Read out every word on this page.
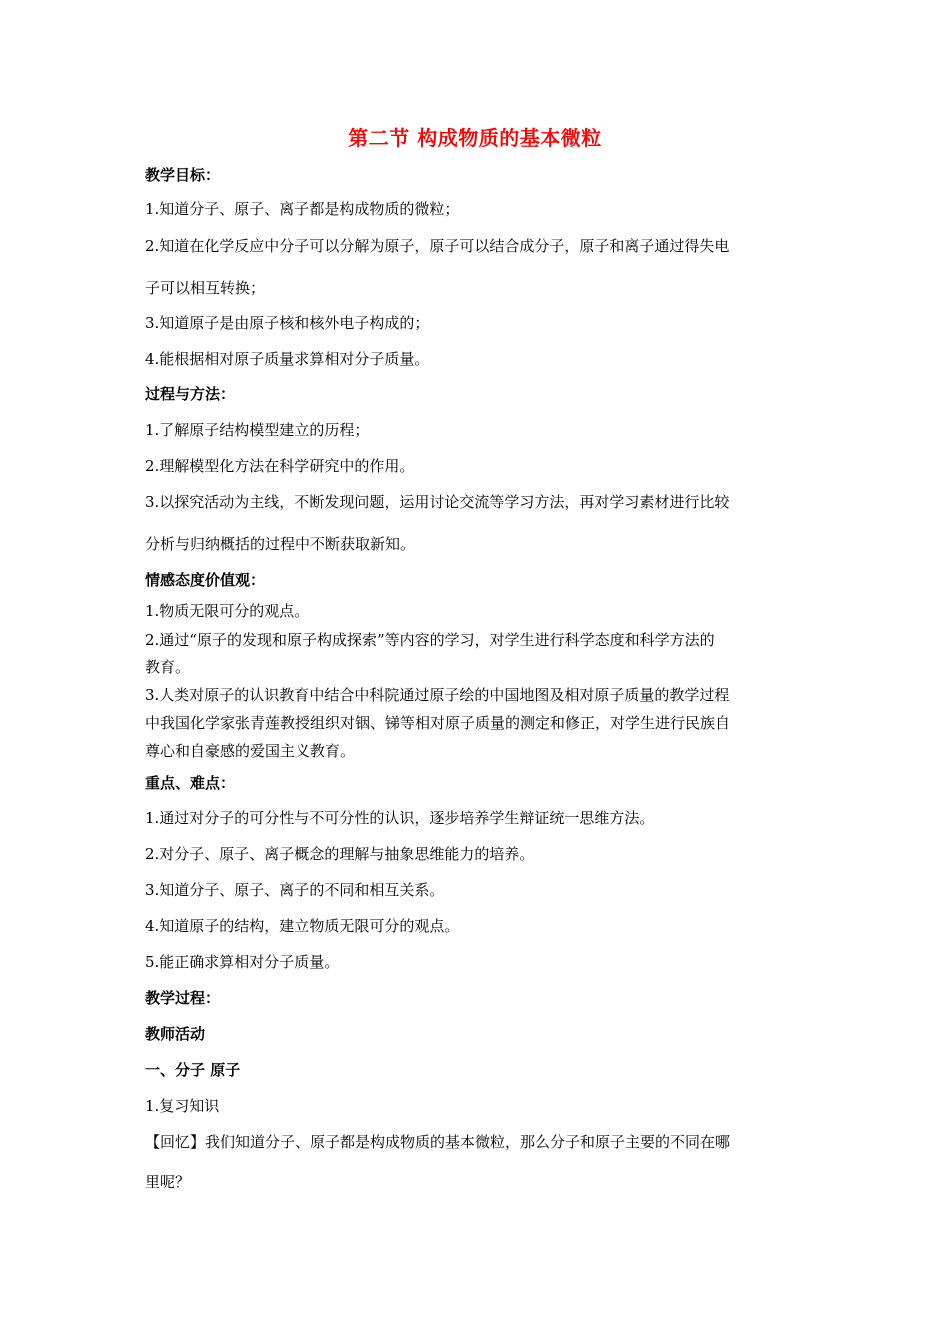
第二节 构成物质的基本微粒
教学目标：
1.知道分子、原子、离子都是构成物质的微粒；
2.知道在化学反应中分子可以分解为原子，原子可以结合成分子，原子和离子通过得失电
子可以相互转换；
3.知道原子是由原子核和核外电子构成的；
4.能根据相对原子质量求算相对分子质量。
过程与方法：
1.了解原子结构模型建立的历程；
2.理解模型化方法在科学研究中的作用。
3.以探究活动为主线，不断发现问题，运用讨论交流等学习方法，再对学习素材进行比较
分析与归纳概括的过程中不断获取新知。
情感态度价值观：
1.物质无限可分的观点。
2.通过“原子的发现和原子构成探索”等内容的学习，对学生进行科学态度和科学方法的
教育。
3.人类对原子的认识教育中结合中科院通过原子绘的中国地图及相对原子质量的教学过程
中我国化学家张青莲教授组织对铟、锑等相对原子质量的测定和修正，对学生进行民族自
尊心和自豪感的爱国主义教育。
重点、难点：
1.通过对分子的可分性与不可分性的认识，逐步培养学生辩证统一思维方法。
2.对分子、原子、离子概念的理解与抽象思维能力的培养。
3.知道分子、原子、离子的不同和相互关系。
4.知道原子的结构，建立物质无限可分的观点。
5.能正确求算相对分子质量。
教学过程：
教师活动
一、分子 原子
1.复习知识
【回忆】我们知道分子、原子都是构成物质的基本微粒，那么分子和原子主要的不同在哪
里呢？
